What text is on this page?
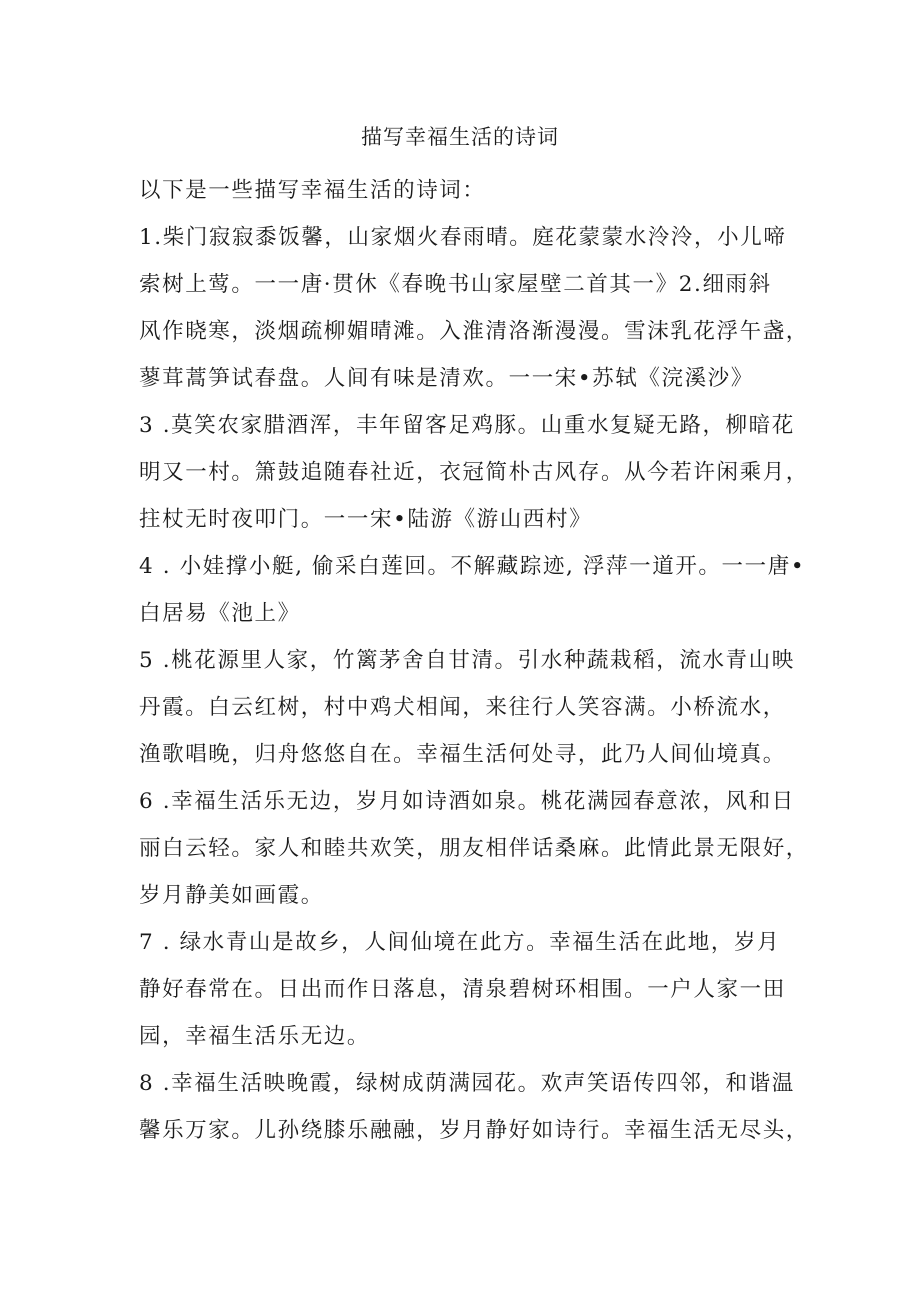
描写幸福生活的诗词
以下是一些描写幸福生活的诗词：
1.柴门寂寂黍饭馨，山家烟火春雨晴。庭花蒙蒙水泠泠，小儿啼
索树上莺。一一唐·贯休《春晚书山家屋壁二首其一》2.细雨斜
风作晓寒，淡烟疏柳媚晴滩。入淮清洛渐漫漫。雪沫乳花浮午盏，
蓼茸蒿笋试春盘。人间有味是清欢。一一宋•苏轼《浣溪沙》
3 .莫笑农家腊酒浑，丰年留客足鸡豚。山重水复疑无路，柳暗花
明又一村。箫鼓追随春社近，衣冠简朴古风存。从今若许闲乘月，
拄杖无时夜叩门。一一宋•陆游《游山西村》
4 . 小娃撑小艇, 偷采白莲回。不解藏踪迹, 浮萍一道开。一一唐•
白居易《池上》
5 .桃花源里人家，竹篱茅舍自甘清。引水种蔬栽稻，流水青山映
丹霞。白云红树，村中鸡犬相闻，来往行人笑容满。小桥流水，
渔歌唱晚，归舟悠悠自在。幸福生活何处寻，此乃人间仙境真。
6 .幸福生活乐无边，岁月如诗酒如泉。桃花满园春意浓，风和日
丽白云轻。家人和睦共欢笑，朋友相伴话桑麻。此情此景无限好，
岁月静美如画霞。
7 . 绿水青山是故乡，人间仙境在此方。幸福生活在此地，岁月
静好春常在。日出而作日落息，清泉碧树环相围。一户人家一田
园，幸福生活乐无边。
8 .幸福生活映晚霞，绿树成荫满园花。欢声笑语传四邻，和谐温
馨乐万家。儿孙绕膝乐融融，岁月静好如诗行。幸福生活无尽头，
